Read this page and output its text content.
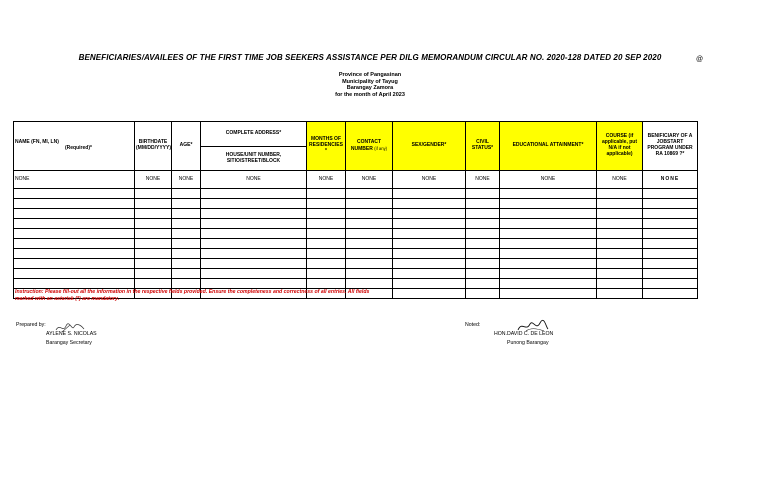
BENEFICIARIES/AVAILEES OF THE FIRST TIME JOB SEEKERS ASSISTANCE PER DILG MEMORANDUM CIRCULAR NO. 2020-128 DATED 20 SEP 2020	@
Province of Pangasinan
Municipality of Tayug
Barangay Zamora
for the month of April 2023
NAME (FN, MI, LN)
(Required)*	BIRTHDATE (MM/DD/YYYY)	AGE*	COMPLETE ADDRESS*	MONTHS OF RESIDENCIES *	CONTACT NUMBER (if any)	SEX/GENDER*	CIVIL STATUS*	EDUCATIONAL ATTAINMENT*	COURSE (if applicable, put N/A if not applicable)	BENIFICIARY OF A JOBSTART PROGRAM UNDER RA 10869 ?*
			HOUSE/UNIT NUMBER, SITIO/STREET/BLOCK							
NONE	NONE	NONE	NONE	NONE	NONE	NONE	NONE	NONE	NONE	NONE

Instruction: Please fill-out all the information in the respective fields provided. Ensure the completeness and correctness of all entries. All fields marked with an asterisk (*) are mandatory.
Prepared by:
AYLENE S. NICOLAS
Barangay Secretary
Noted:
HON.DAVID C. DE LEON
Punong Barangay
